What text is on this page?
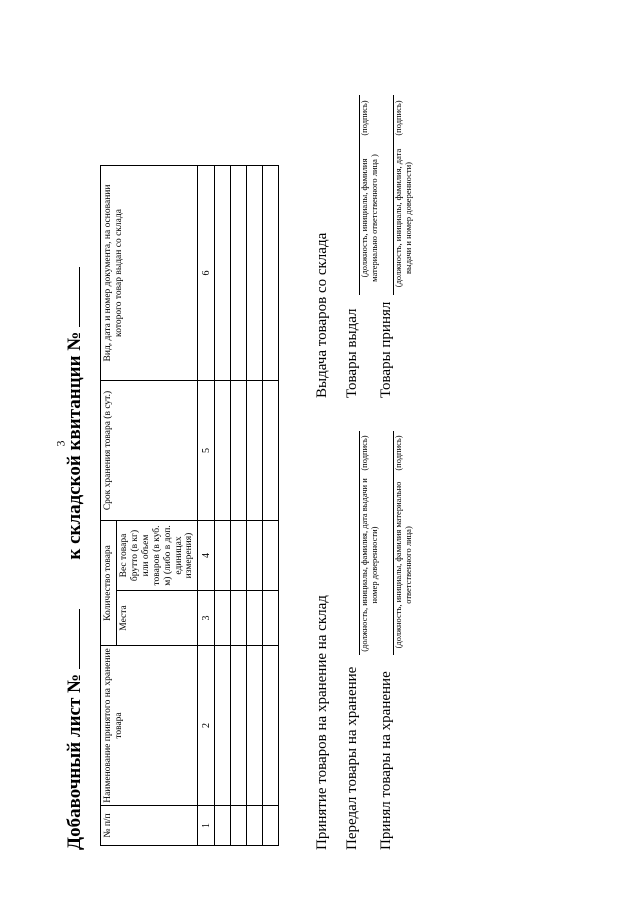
3
Добавочный лист №   к складской квитанции №
№ п/п	Наименование принятого на хранение товара	Количество товара		Срок хранения товара (в сут.)	Вид, дата и номер документа, на основании которого товар выдан со склада
		Места	Вес товара брутто (в кг) или объем товаров (в куб. м) (либо в доп. единицах измерения)		
1	2	3	4	5	6

Принятие товаров на хранение на склад Передал товары на хранение
(должность, инициалы, фамилия, дата выдачи и номер доверенности)
(подпись)
Принял товары на хранение
(должность, инициалы, фамилия материально ответственного лица)
(подпись)
Выдача товаров со склада Товары выдал
(должность, инициалы, фамилия материально ответственного лица )
(подпись)
Товары принял
(должность, инициалы, фамилия, дата выдачи и номер доверенности)
(подпись)
